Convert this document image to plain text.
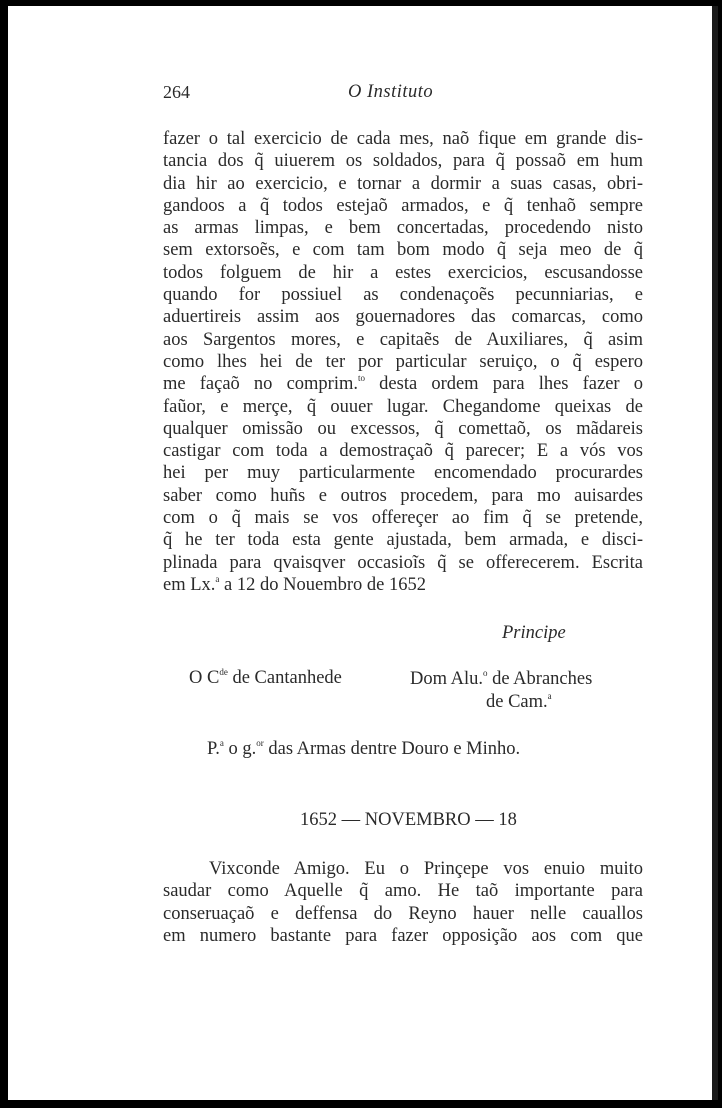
264	O Instituto
fazer o tal exercicio de cada mes, naõ fique em grande dis-
tancia dos q̃ uiuerem os soldados, para q̃ possaõ em hum
dia hir ao exercicio, e tornar a dormir a suas casas, obri-
gandoos a q̃ todos estejaõ armados, e q̃ tenhaõ sempre
as armas limpas, e bem concertadas, procedendo nisto
sem extorsoẽs, e com tam bom modo q̃ seja meo de q̃
todos folguem de hir a estes exercicios, escusandosse
quando for possiuel as condenaçoẽs pecunniarias, e
aduertireis assim aos gouernadores das comarcas, como
aos Sargentos mores, e capitaẽs de Auxiliares, q̃ asim
como lhes hei de ter por particular seruiço, o q̃ espero
me façaõ no comprim.$^{to}$ desta ordem para lhes fazer o
faũor, e merçe, q̃ ouuer lugar. Chegandome queixas de
qualquer omissão ou excessos, q̃ comettaõ, os mãdareis
castigar com toda a demostraçaõ q̃ parecer; E a vós vos
hei per muy particularmente encomendado procurardes
saber como huñs e outros procedem, para mo auisardes
com o q̃ mais se vos offereçer ao fim q̃ se pretende,
q̃ he ter toda esta gente ajustada, bem armada, e disci-
plinada para qvaisqver occasioĩs q̃ se offerecerem. Escrita
em Lx.$^a$ a 12 do Nouembro de 1652
Principe
O Cde de Cantanhede	Dom Alu.$^o$ de Abranches
de Cam.$^a$
P.$^a$ o g.$^{or}$ das Armas dentre Douro e Minho.
1652 — NOVEMBRO — 18
Vixconde Amigo. Eu o Prinçepe vos enuio muito
saudar como Aquelle q̃ amo. He taõ importante para
conseruaçaõ e deffensa do Reyno hauer nelle cauallos
em numero bastante para fazer opposição aos com que
